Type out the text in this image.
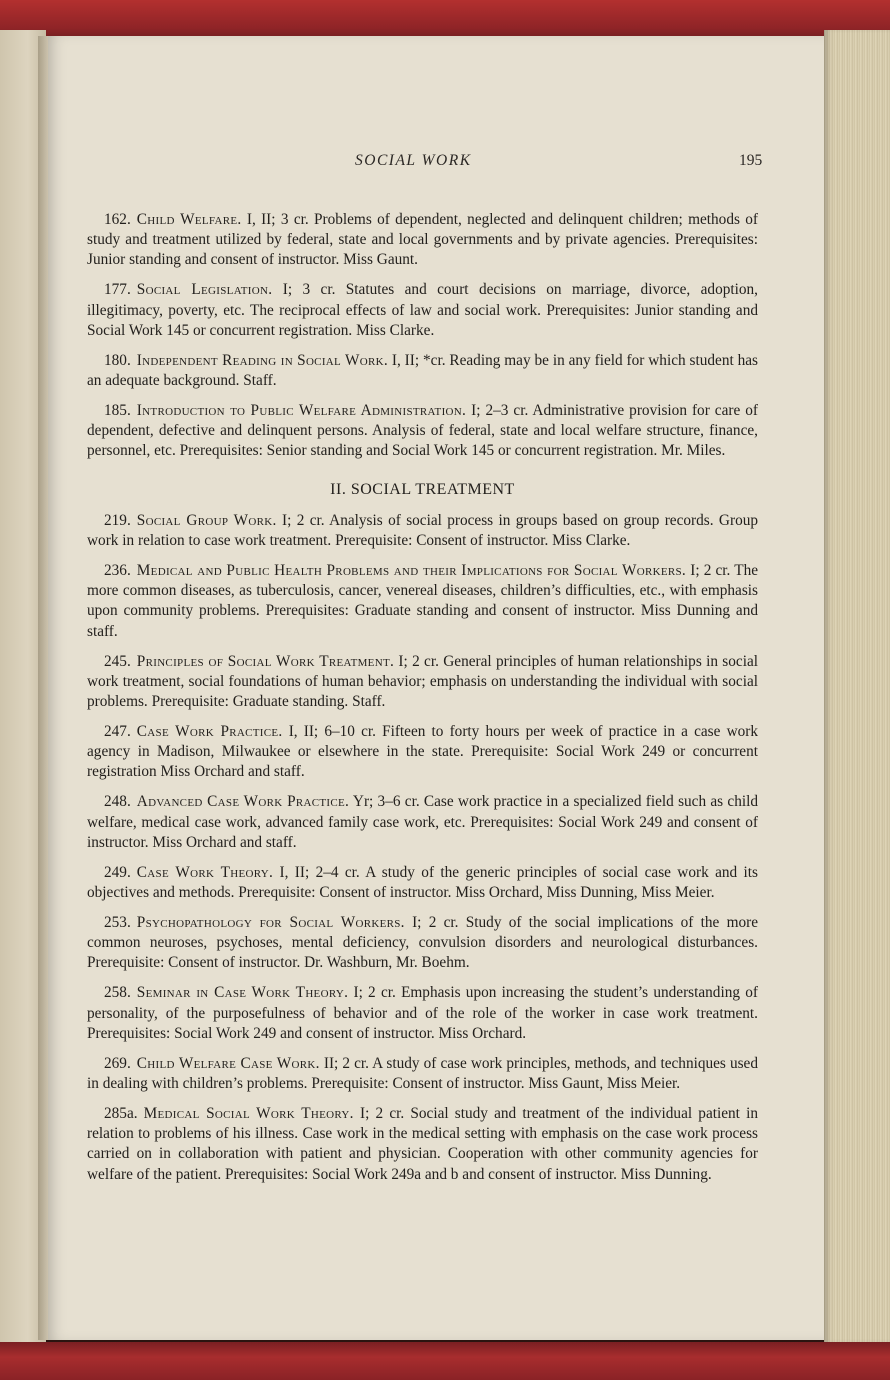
SOCIAL WORK	195

162. Child Welfare. I, II; 3 cr. Problems of dependent, neglected and delinquent children; methods of study and treatment utilized by federal, state and local governments and by private agencies. Prerequisites: Junior standing and consent of instructor. Miss Gaunt.

177. Social Legislation. I; 3 cr. Statutes and court decisions on marriage, divorce, adoption, illegitimacy, poverty, etc. The reciprocal effects of law and social work. Prerequisites: Junior standing and Social Work 145 or concurrent registration. Miss Clarke.

180. Independent Reading in Social Work. I, II; *cr. Reading may be in any field for which student has an adequate background. Staff.

185. Introduction to Public Welfare Administration. I; 2–3 cr. Administrative provision for care of dependent, defective and delinquent persons. Analysis of federal, state and local welfare structure, finance, personnel, etc. Prerequisites: Senior standing and Social Work 145 or concurrent registration. Mr. Miles.

II. SOCIAL TREATMENT

219. Social Group Work. I; 2 cr. Analysis of social process in groups based on group records. Group work in relation to case work treatment. Prerequisite: Consent of instructor. Miss Clarke.

236. Medical and Public Health Problems and their Implications for Social Workers. I; 2 cr. The more common diseases, as tuberculosis, cancer, venereal diseases, children’s difficulties, etc., with emphasis upon community problems. Prerequisites: Graduate standing and consent of instructor. Miss Dunning and staff.

245. Principles of Social Work Treatment. I; 2 cr. General principles of human relationships in social work treatment, social foundations of human behavior; emphasis on understanding the individual with social problems. Prerequisite: Graduate standing. Staff.

247. Case Work Practice. I, II; 6–10 cr. Fifteen to forty hours per week of practice in a case work agency in Madison, Milwaukee or elsewhere in the state. Prerequisite: Social Work 249 or concurrent registration Miss Orchard and staff.

248. Advanced Case Work Practice. Yr; 3–6 cr. Case work practice in a specialized field such as child welfare, medical case work, advanced family case work, etc. Prerequisites: Social Work 249 and consent of instructor. Miss Orchard and staff.

249. Case Work Theory. I, II; 2–4 cr. A study of the generic principles of social case work and its objectives and methods. Prerequisite: Consent of instructor. Miss Orchard, Miss Dunning, Miss Meier.

253. Psychopathology for Social Workers. I; 2 cr. Study of the social implications of the more common neuroses, psychoses, mental deficiency, convulsion disorders and neurological disturbances. Prerequisite: Consent of instructor. Dr. Washburn, Mr. Boehm.

258. Seminar in Case Work Theory. I; 2 cr. Emphasis upon increasing the student’s understanding of personality, of the purposefulness of behavior and of the role of the worker in case work treatment. Prerequisites: Social Work 249 and consent of instructor. Miss Orchard.

269. Child Welfare Case Work. II; 2 cr. A study of case work principles, methods, and techniques used in dealing with children’s problems. Prerequisite: Consent of instructor. Miss Gaunt, Miss Meier.

285a. Medical Social Work Theory. I; 2 cr. Social study and treatment of the individual patient in relation to problems of his illness. Case work in the medical setting with emphasis on the case work process carried on in collaboration with patient and physician. Cooperation with other community agencies for welfare of the patient. Prerequisites: Social Work 249a and b and consent of instructor. Miss Dunning.
